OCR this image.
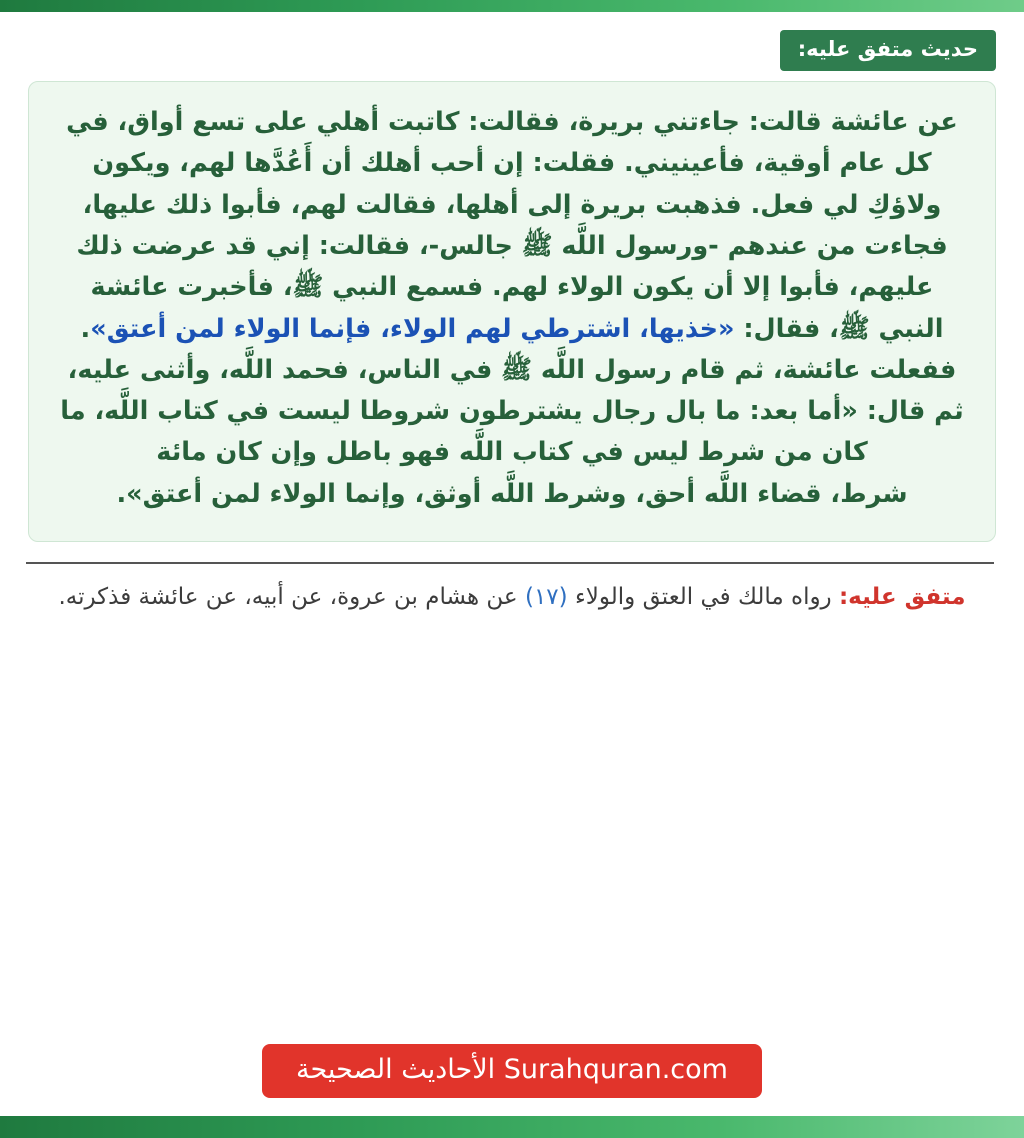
حديث متفق عليه:
عن عائشة قالت: جاءتني بريرة، فقالت: كاتبت أهلي على تسع أواق، في كل عام أوقية، فأعينيني. فقلت: إن أحب أهلك أن أَعُدَّها لهم، ويكون ولاؤكِ لي فعل. فذهبت بريرة إلى أهلها، فقالت لهم، فأبوا ذلك عليها، فجاءت من عندهم -ورسول اللَّه ﷺ جالس-، فقالت: إني قد عرضت ذلك عليهم، فأبوا إلا أن يكون الولاء لهم. فسمع النبي ﷺ، فأخبرت عائشة النبي ﷺ، فقال: «خذيها، اشترطي لهم الولاء، فإنما الولاء لمن أعتق». ففعلت عائشة، ثم قام رسول اللَّه ﷺ في الناس، فحمد اللَّه، وأثنى عليه، ثم قال: «أما بعد: ما بال رجال يشترطون شروطا ليست في كتاب اللَّه، ما كان من شرط ليس في كتاب اللَّه فهو باطل وإن كان مائة
شرط، قضاء اللَّه أحق، وشرط اللَّه أوثق، وإنما الولاء لمن أعتق».
متفق عليه: رواه مالك في العتق والولاء (١٧) عن هشام بن عروة، عن أبيه، عن عائشة فذكرته.
Surahquran.com الأحاديث الصحيحة
